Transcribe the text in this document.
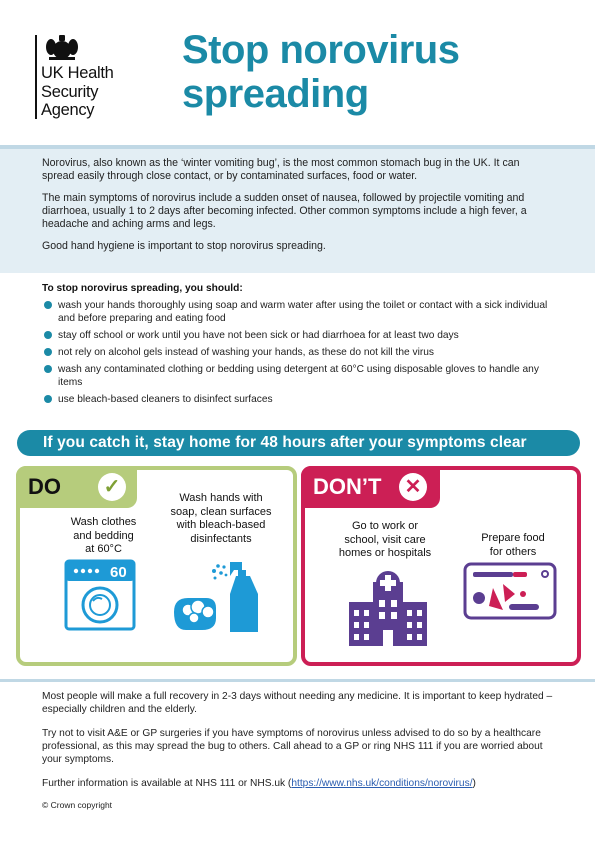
UK Health
Security
Agency
Stop norovirus
spreading

Norovirus, also known as the ‘winter vomiting bug’, is the most common stomach bug in the UK. It can spread easily through close contact, or by contaminated surfaces, food or water.

The main symptoms of norovirus include a sudden onset of nausea, followed by projectile vomiting and diarrhoea, usually 1 to 2 days after becoming infected. Other common symptoms include a high fever, a headache and aching arms and legs.

Good hand hygiene is important to stop norovirus spreading.

To stop norovirus spreading, you should:
wash your hands thoroughly using soap and warm water after using the toilet or contact with a sick individual and before preparing and eating food
stay off school or work until you have not been sick or had diarrhoea for at least two days
not rely on alcohol gels instead of washing your hands, as these do not kill the virus
wash any contaminated clothing or bedding using detergent at 60°C using disposable gloves to handle any items
use bleach-based cleaners to disinfect surfaces
If you catch it, stay home for 48 hours after your symptoms clear
DO ✓
Wash clothes
and bedding
at 60°C
Wash hands with
soap, clean surfaces
with bleach-based
disinfectants
60
DON’T ✕
Go to work or
school, visit care
homes or hospitals
Prepare food
for others

Most people will make a full recovery in 2-3 days without needing any medicine. It is important to keep hydrated – especially children and the elderly.

Try not to visit A&E or GP surgeries if you have symptoms of norovirus unless advised to do so by a healthcare professional, as this may spread the bug to others. Call ahead to a GP or ring NHS 111 if you are worried about your symptoms.

Further information is available at NHS 111 or NHS.uk (https://www.nhs.uk/conditions/norovirus/)

© Crown copyright
